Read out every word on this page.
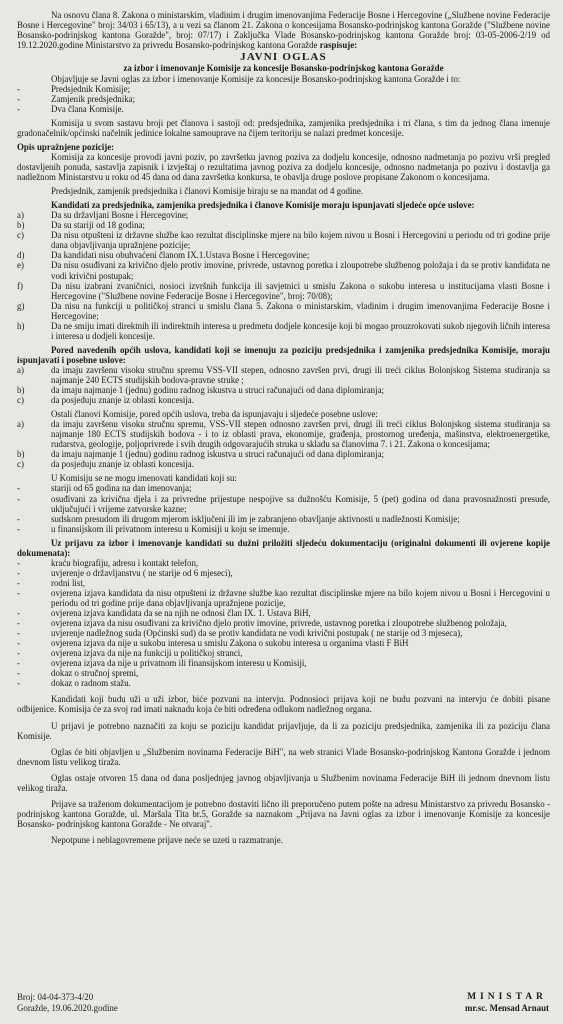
Na osnovu člana 8. Zakona o ministarskim, vladinim i drugim imenovanjima Federacije Bosne i Hercegovine („Službene novine Federacije Bosne i Hercegovine" broj: 34/03 i 65/13), a u vezi sa članom 21. Zakona o koncesijama Bosansko-podrinjskog kantona Goražde ("Službene novine Bosansko-podrinjskog kantona Goražde", broj: 07/17) i Zaključka Vlade Bosansko-podrinjskog kantona Goražde broj: 03-05-2006-2/19 od 19.12.2020.godine Ministarstvo za privredu Bosansko-podrinjskog kantona Goražde raspisuje:

JAVNI OGLAS

za izbor i imenovanje Komisije za koncesije Bosansko-podrinjskog kantona Goražde

Objavljuje se Javni oglas za izbor i imenovanje Komisije za koncesije Bosansko-podrinjskog kantona Goražde i to:

-	Predsjednik Komisije;
-	Zamjenik predsjednika;
-	Dva člana Komisije.

Komisija u svom sastavu broji pet članova i sastoji od: predsjednika, zamjenika predsjednika i tri člana, s tim da jednog člana imenuje gradonačelnik/općinski načelnik jedinice lokalne samouprave na čijem teritoriju se nalazi predmet koncesije.

Opis upražnjene pozicije:

Komisija za koncesije provodi javni poziv, po završetku javnog poziva za dodjelu koncesije, odnosno nadmetanja po pozivu vrši pregled dostavljenih ponuda, sastavlja zapisnik i izvještaj o rezultatima javnog poziva za dodjelu koncesije, odnosno nadmetanja po pozivu i dostavlja ga nadležnom Ministarstvu u roku od 45 dana od dana završetka konkursa, te obavlja druge poslove propisane Zakonom o koncesijama.

Predsjednik, zamjenik predsjednika i članovi Komisije biraju se na mandat od 4 godine.

Kandidati za predsjednika, zamjenika predsjednika i članove Komisije moraju ispunjavati sljedeće opće uslove:

a)	Da su državljani Bosne i Hercegovine;
b)	Da su stariji od 18 godina;
c)	Da nisu otpušteni iz državne službe kao rezultat disciplinske mjere na bilo kojem nivou u Bosni i Hercegovini u periodu od tri godine prije dana objavljivanja upražnjene pozicije;
d)	Da kandidati nisu obuhvaćeni članom IX.1.Ustava Bosne i Hercegovine;
e)	Da nisu osuđivani za krivično djelo protiv imovine, privrede, ustavnog poretka i zloupotrebe službenog položaja i da se protiv kandidata ne vodi krivični postupak;
f)	Da nisu izabrani zvaničnici, nosioci izvršnih funkcija ili savjetnici u smislu Zakona o sukobu interesa u institucijama vlasti Bosne i Hercegovine ("Službene novine Federacije Bosne i Hercegovine", broj: 70/08);
g)	Da nisu na funkciji u političkoj stranci u smislu člana 5. Zakona o ministarskim, vladinim i drugim imenovanjima Federacije Bosne i Hercegovine;
h)	Da ne smiju imati direktnih ili indirektnih interesa u predmetu dodjele koncesije koji bi mogao prouzrokovati sukob njegovih ličnih interesa i interesa u dodjeli koncesije.

Pored navedenih općih uslova, kandidati koji se imenuju za poziciju predsjednika i zamjenika predsjednika Komisije, moraju ispunjavati i posebne uslove:

a)	da imaju završenu visoku stručnu spremu VSS-VII stepen, odnosno završen prvi, drugi ili treći ciklus Bolonjskog Sistema studiranja sa najmanje 240 ECTS studijskih bodova-pravne struke ;
b)	da imaju najmanje 1 (jednu) godinu radnog iskustva u struci računajući od dana diplomiranja;
c)	da posjeduju znanje iz oblasti koncesija.

Ostali članovi Komisije, pored općih uslova, treba da ispunjavaju i sljedeće posebne uslove:

a)	da imaju završenu visoku stručnu spremu, VSS-VII stepen odnosno završen prvi, drugi ili treći ciklus Bolonjskog sistema studiranja sa najmanje 180 ECTS studijskih bodova - i to iz oblasti prava, ekonomije, građenja, prostornog uređenja, mašinstva, elektroenergetike, rudarstva, geologije, poljoprivrede i svih drugih odgovarajućih struka u skladu sa članovima 7. i 21. Zakona o koncesijama;
b)	da imaju najmanje 1 (jednu) godinu radnog iskustva u struci računajući od dana diplomiranja;
c)	da posjeduju znanje iz oblasti koncesija.

U Komisiju se ne mogu imenovati kandidati koji su:

-	stariji od 65 godina na dan imenovanja;
-	osuđivani za krivična djela i za privredne prijestupe nespojive sa dužnošću Komisije, 5 (pet) godina od dana pravosnažnosti presude, uključujući i vrijeme zatvorske kazne;
-	sudskom presudom ili drugom mjerom isključeni ili im je zabranjeno obavljanje aktivnosti u nadležnosti Komisije;
-	u finansijskom ili privatnom interesu u Komisiji u koju se imenuje.

Uz prijavu za izbor i imenovanje kandidati su dužni priložiti sljedeću dokumentaciju (originalni dokumenti ili ovjerene kopije dokumenata):

-	kraću biografiju, adresu i kontakt telefon,
-	uvjerenje o državljanstvu ( ne starije od 6 mjeseci),
-	rodni list,
-	ovjerena izjava kandidata da nisu otpušteni iz državne službe kao rezultat disciplinske mjere na bilo kojem nivou u Bosni i Hercegovini u periodu od tri godine prije dana objavljivanja upražnjene pozicije,
-	ovjerena izjava kandidata da se na njih ne odnosi član IX. 1. Ustava BiH,
-	ovjerena izjava da nisu osuđivani za krivično djelo protiv imovine, privrede, ustavnog poretka i zloupotrebe službenog položaja,
-	uvjerenje nadležnog suda (Općinski sud) da se protiv kandidata ne vodi krivični postupak ( ne starije od 3 mjeseca),
-	ovjerena izjava da nije u sukobu interesa u smislu Zakona o sukobu interesa u organima vlasti F BiH
-	ovjerena izjava da nije na funkciji u političkoj stranci,
-	ovjerena izjava da nije u privatnom ili finansijskom interesu u Komisiji,
-	dokaz o stručnoj spremi,
-	dokaz o radnom stažu.

Kandidati koji budu uži u uži izbor, biće pozvani na intervju. Podnosioci prijava koji ne budu pozvani na intervju će dobiti pisane odbijenice. Komisija će za svoj rad imati naknadu koja će biti određena odlukom nadležnog organa.

U prijavi je potrebno naznačiti za koju se poziciju kandidat prijavljuje, da li za poziciju predsjednika, zamjenika ili za poziciju člana Komisije.

Oglas će biti objavljen u „Službenim novinama Federacije BiH", na web stranici Vlade Bosansko-podrinjskog Kantona Goražde i jednom dnevnom listu velikog tiraža.

Oglas ostaje otvoren 15 dana od dana posljednjeg javnog objavljivanja u Službenim novinama Federacije BiH ili jednom dnevnom listu velikog tiraža.

Prijave sa traženom dokumentacijom je potrebno dostaviti lično ili preporučeno putem pošte na adresu Ministarstvo za privredu Bosansko - podrinjskog kantona Goražde, ul. Maršala Tita br.5, Goražde sa naznakom „Prijava na Javni oglas za izbor i imenovanje Komisije za koncesije Bosansko- podrinjskog kantona Goražde - Ne otvaraj".

Nepotpune i neblagovremene prijave neće se uzeti u razmatranje.

Broj: 04-04-373-4/20
Goražde, 19.06.2020.godine
MINISTAR
mr.sc. Mensad Arnaut
